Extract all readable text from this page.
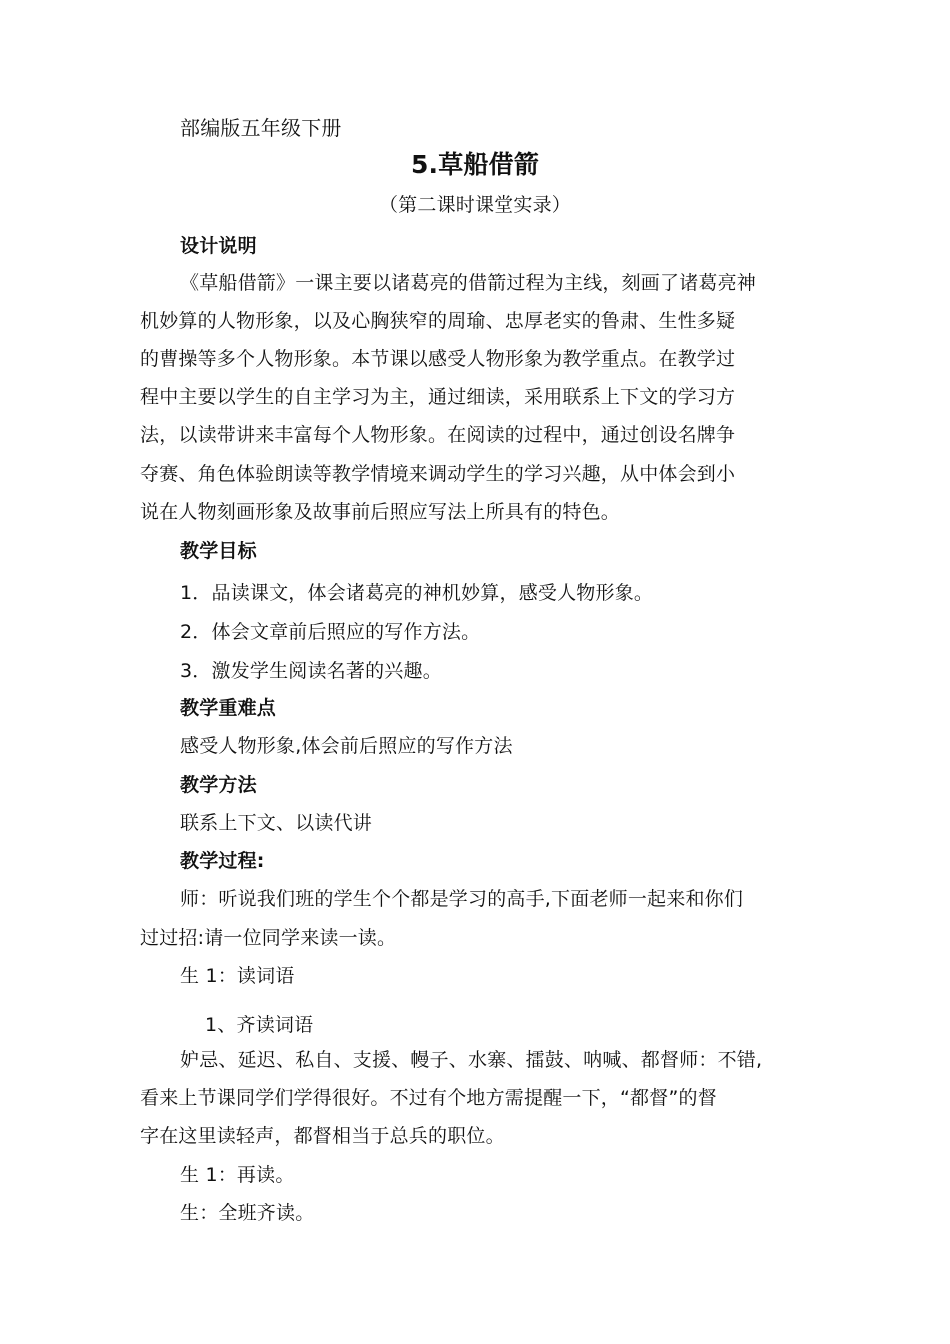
部编版五年级下册
5.草船借箭
（第二课时课堂实录）
设计说明
《草船借箭》一课主要以诸葛亮的借箭过程为主线，刻画了诸葛亮神
机妙算的人物形象，以及心胸狭窄的周瑜、忠厚老实的鲁肃、生性多疑
的曹操等多个人物形象。本节课以感受人物形象为教学重点。在教学过
程中主要以学生的自主学习为主，通过细读，采用联系上下文的学习方
法，以读带讲来丰富每个人物形象。在阅读的过程中，通过创设名牌争
夺赛、角色体验朗读等教学情境来调动学生的学习兴趣，从中体会到小
说在人物刻画形象及故事前后照应写法上所具有的特色。
教学目标
1．品读课文，体会诸葛亮的神机妙算，感受人物形象。
2．体会文章前后照应的写作方法。
3．激发学生阅读名著的兴趣。
教学重难点
感受人物形象,体会前后照应的写作方法
教学方法
联系上下文、以读代讲
教学过程:
师：听说我们班的学生个个都是学习的高手,下面老师一起来和你们
过过招:请一位同学来读一读。
生 1：读词语
1、齐读词语
妒忌、延迟、私自、支援、幔子、水寨、擂鼓、呐喊、都督师：不错,
看来上节课同学们学得很好。不过有个地方需提醒一下，“都督”的督
字在这里读轻声，都督相当于总兵的职位。
生 1：再读。
生：全班齐读。
